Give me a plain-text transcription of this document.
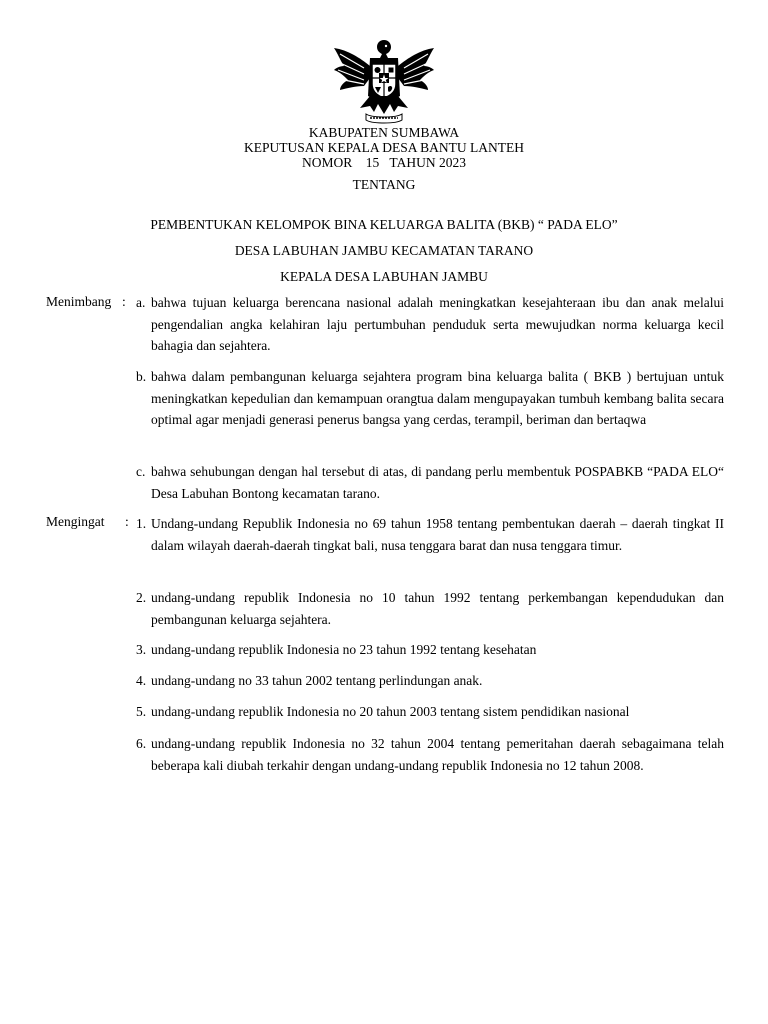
KABUPATEN SUMBAWA
KEPUTUSAN KEPALA DESA BANTU LANTEH
NOMOR 15 TAHUN 2023
TENTANG
PEMBENTUKAN KELOMPOK BINA KELUARGA BALITA (BKB) “ PADA ELO”
DESA LABUHAN JAMBU KECAMATAN TARANO
KEPALA DESA LABUHAN JAMBU
Menimbang : a. bahwa tujuan keluarga berencana nasional adalah meningkatkan kesejahteraan ibu dan anak melalui pengendalian angka kelahiran laju pertumbuhan penduduk serta mewujudkan norma keluarga kecil bahagia dan sejahtera.
b. bahwa dalam pembangunan keluarga sejahtera program bina keluarga balita ( BKB ) bertujuan untuk meningkatkan kepedulian dan kemampuan orangtua dalam mengupayakan tumbuh kembang balita secara optimal agar menjadi generasi penerus bangsa yang cerdas, terampil, beriman dan bertaqwa
c. bahwa sehubungan dengan hal tersebut di atas, di pandang perlu membentuk POSPABKB “PADA ELO“ Desa Labuhan Bontong kecamatan tarano.
Mengingat : 1. Undang-undang Republik Indonesia no 69 tahun 1958 tentang pembentukan daerah – daerah tingkat II dalam wilayah daerah-daerah tingkat bali, nusa tenggara barat dan nusa tenggara timur.
2. undang-undang republik Indonesia no 10 tahun 1992 tentang perkembangan kependudukan dan pembangunan keluarga sejahtera.
3. undang-undang republik Indonesia no 23 tahun 1992 tentang kesehatan
4. undang-undang no 33 tahun 2002 tentang perlindungan anak.
5. undang-undang republik Indonesia no 20 tahun 2003 tentang sistem pendidikan nasional
6. undang-undang republik Indonesia no 32 tahun 2004 tentang pemeritahan daerah sebagaimana telah beberapa kali diubah terkahir dengan undang-undang republik Indonesia no 12 tahun 2008.
